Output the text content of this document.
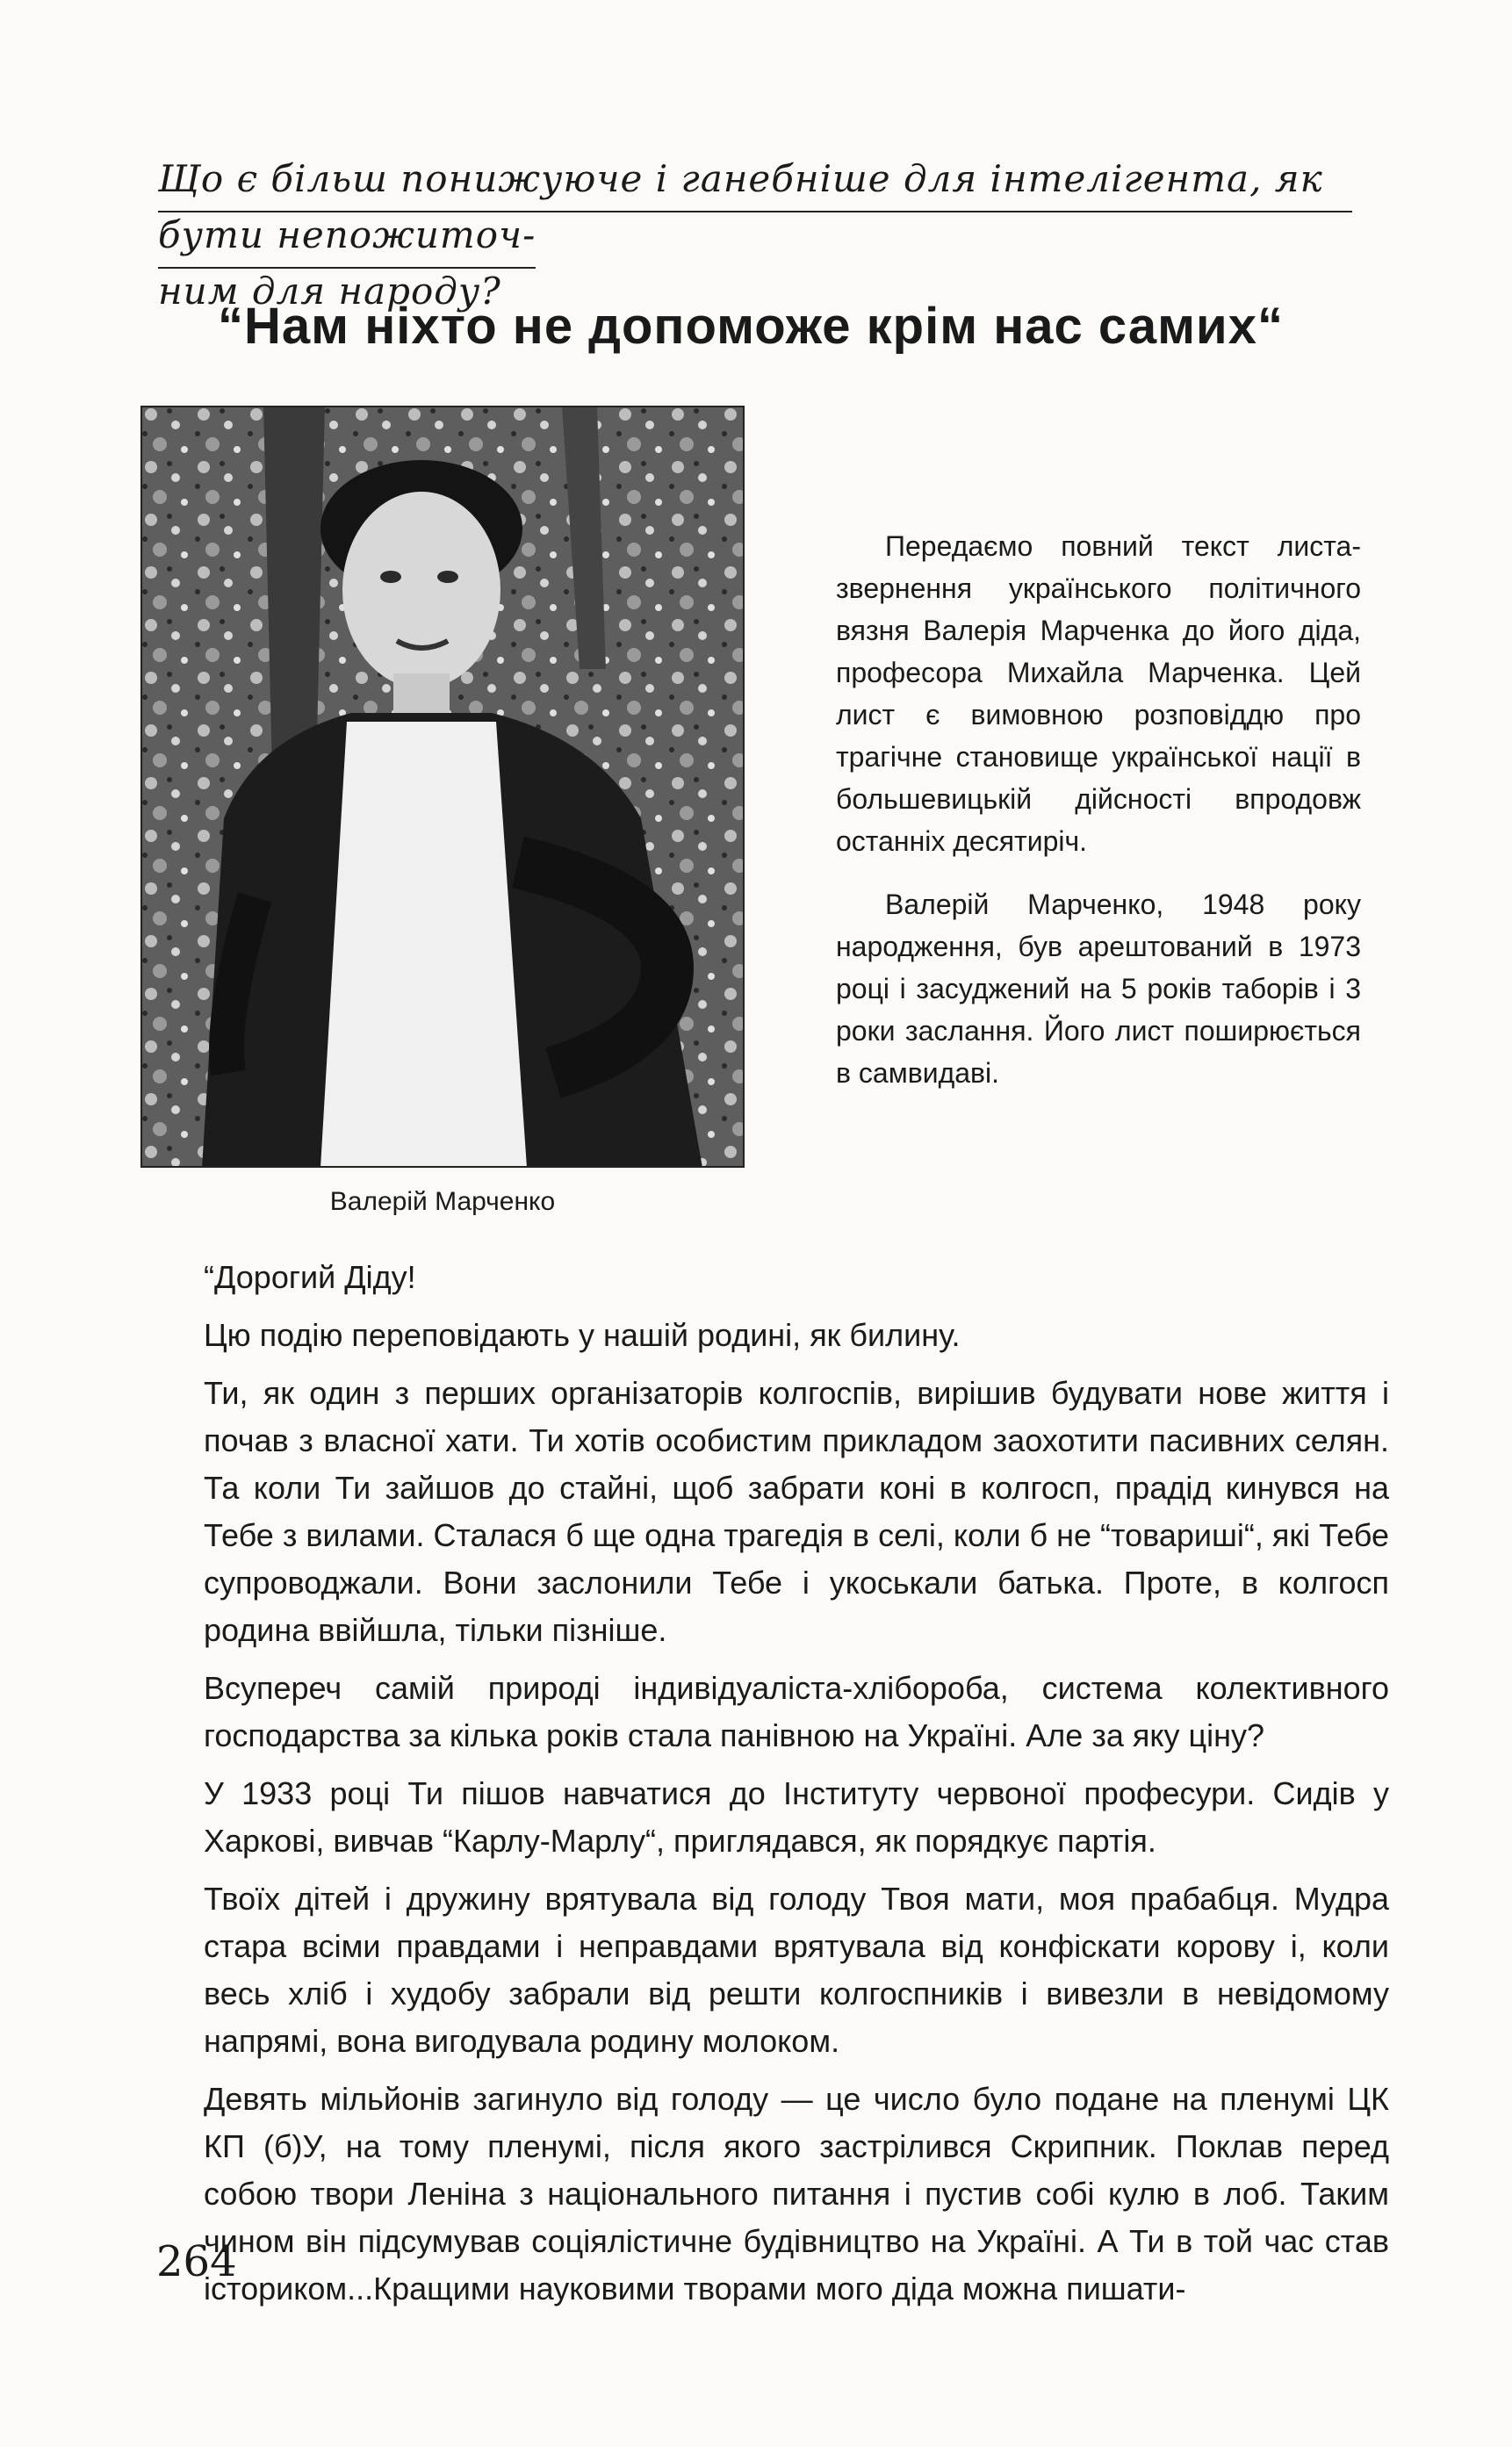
Що є більш понижуюче і ганебніше для інтелігента, як бути непожиточ-
ним для народу?
“Нам ніхто не допоможе крім нас самих“
Валерій Марченко

Передаємо повний текст листа-звернення українського політичного вязня Валерія Марченка до його діда, професора Михайла Марченка. Цей лист є вимовною розповіддю про трагічне становище української нації в большевицькій дійсності впродовж останніх десятиріч.

Валерій Марченко, 1948 року народження, був арештований в 1973 році і засуджений на 5 років таборів і 3 роки заслання. Його лист поширюється в самвидаві.

“Дорогий Діду!

Цю подію переповідають у нашій родині, як билину.

Ти, як один з перших організаторів колгоспів, вирішив будувати нове життя і почав з власної хати. Ти хотів особистим прикладом заохотити пасивних селян. Та коли Ти зайшов до стайні, щоб забрати коні в колгосп, прадід кинувся на Тебе з вилами. Сталася б ще одна трагедія в селі, коли б не “товариші“, які Тебе супроводжали. Вони заслонили Тебе і укоськали батька. Проте, в колгосп родина ввійшла, тільки пізніше.

Всупереч самій природі індивідуаліста-хлібороба, система колективного господарства за кілька років стала панівною на Україні. Але за яку ціну?

У 1933 році Ти пішов навчатися до Інституту червоної професури. Сидів у Харкові, вивчав “Карлу-Марлу“, приглядався, як порядкує партія.

Твоїх дітей і дружину врятувала від голоду Твоя мати, моя прабабця. Мудра стара всіми правдами і неправдами врятувала від конфіскати корову і, коли весь хліб і худобу забрали від решти колгоспників і вивезли в невідомому напрямі, вона вигодувала родину молоком.

Девять мільйонів загинуло від голоду — це число було подане на пленумі ЦК КП (б)У, на тому пленумі, після якого застрілився Скрипник. Поклав перед собою твори Леніна з національного питання і пустив собі кулю в лоб. Таким чином він підсумував соціялістичне будівництво на Україні. А Ти в той час став істориком...Кращими науковими творами мого діда можна пишати-

264
